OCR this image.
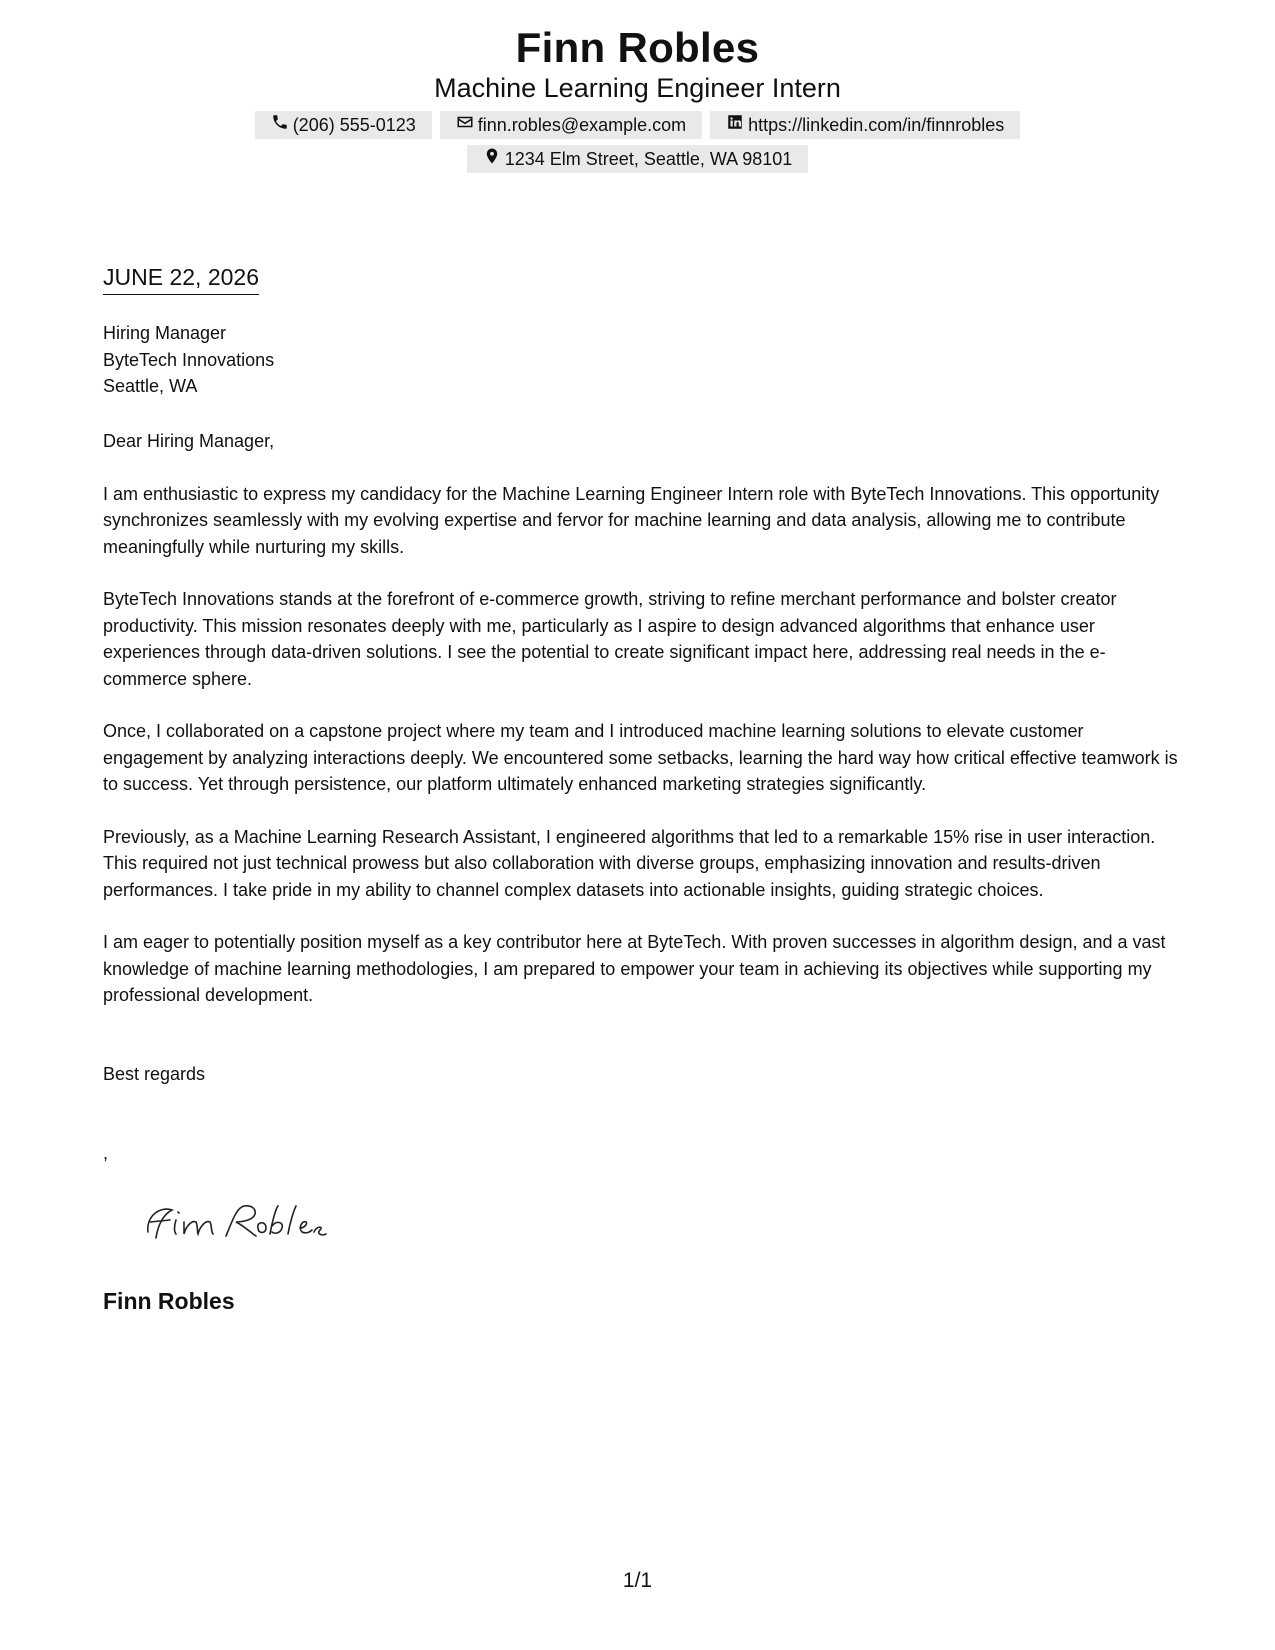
Finn Robles
Machine Learning Engineer Intern
(206) 555-0123	finn.robles@example.com	https://linkedin.com/in/finnrobles
1234 Elm Street, Seattle, WA 98101
JUNE 22, 2026
Hiring Manager
ByteTech Innovations
Seattle, WA
Dear Hiring Manager,

I am enthusiastic to express my candidacy for the Machine Learning Engineer Intern role with ByteTech Innovations. This opportunity synchronizes seamlessly with my evolving expertise and fervor for machine learning and data analysis, allowing me to contribute meaningfully while nurturing my skills.

ByteTech Innovations stands at the forefront of e-commerce growth, striving to refine merchant performance and bolster creator productivity. This mission resonates deeply with me, particularly as I aspire to design advanced algorithms that enhance user experiences through data-driven solutions. I see the potential to create significant impact here, addressing real needs in the e-commerce sphere.

Once, I collaborated on a capstone project where my team and I introduced machine learning solutions to elevate customer engagement by analyzing interactions deeply. We encountered some setbacks, learning the hard way how critical effective teamwork is to success. Yet through persistence, our platform ultimately enhanced marketing strategies significantly.

Previously, as a Machine Learning Research Assistant, I engineered algorithms that led to a remarkable 15% rise in user interaction. This required not just technical prowess but also collaboration with diverse groups, emphasizing innovation and results-driven performances. I take pride in my ability to channel complex datasets into actionable insights, guiding strategic choices.

I am eager to potentially position myself as a key contributor here at ByteTech. With proven successes in algorithm design, and a vast knowledge of machine learning methodologies, I am prepared to empower your team in achieving its objectives while supporting my professional development.

Best regards
,
Finn Robles
1/1
